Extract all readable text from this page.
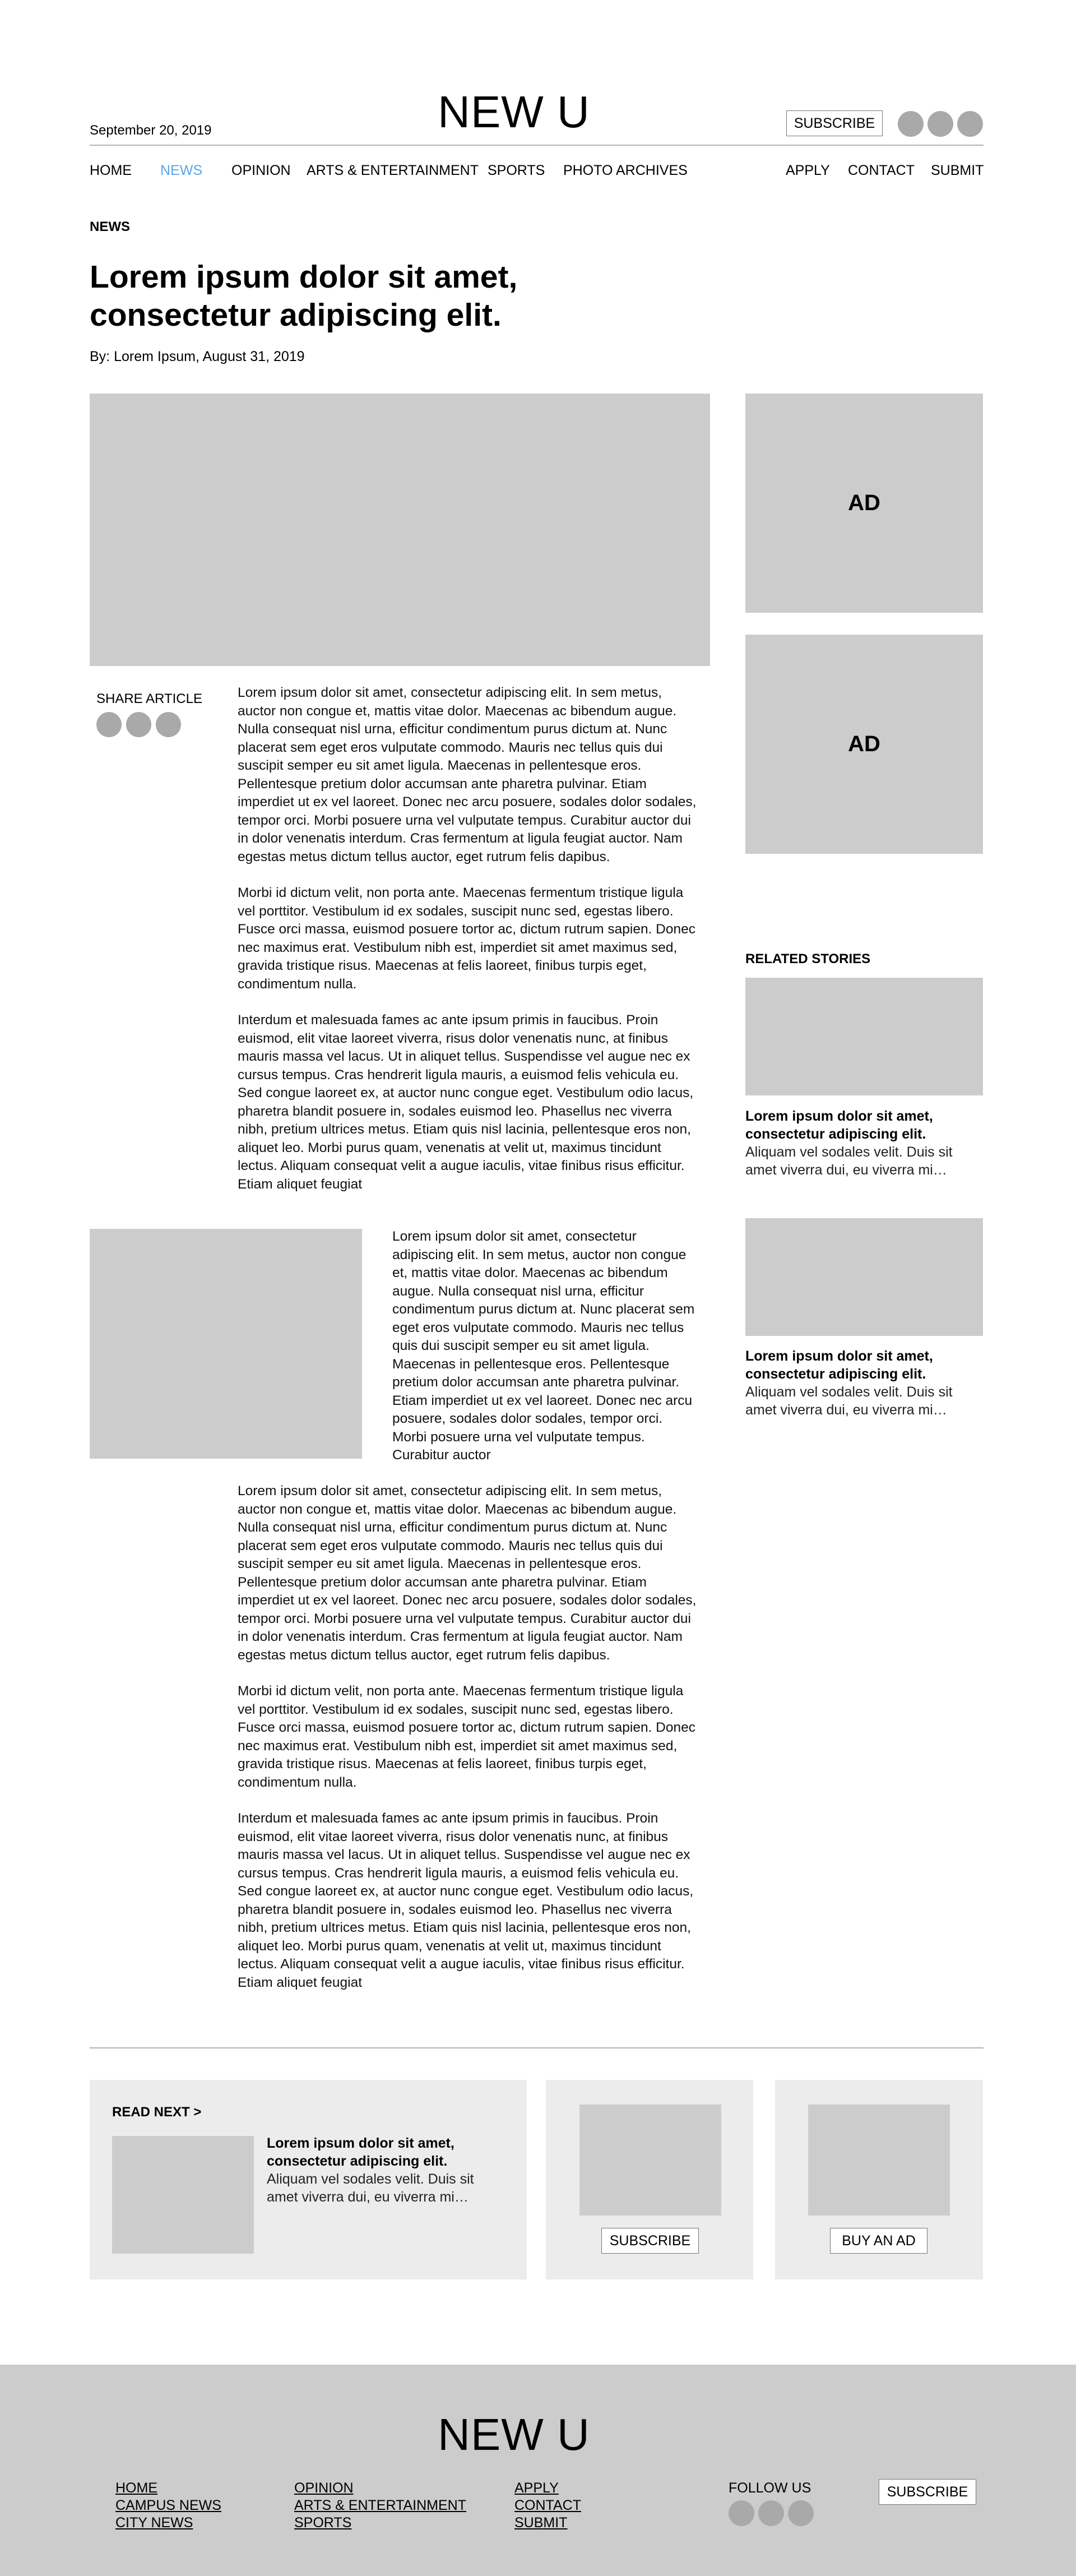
September 20, 2019	NEW U	SUBSCRIBE
HOME NEWS OPINION ARTS & ENTERTAINMENT SPORTS PHOTO ARCHIVES	APPLY CONTACT SUBMIT
NEWS
Lorem ipsum dolor sit amet,
consectetur adipiscing elit.
By: Lorem Ipsum, August 31, 2019
SHARE ARTICLE	Lorem ipsum dolor sit amet, consectetur adipiscing elit. In sem metus, auctor non congue et, mattis vitae dolor. Maecenas ac bibendum augue. Nulla consequat nisl urna, efficitur condimentum purus dictum at. Nunc placerat sem eget eros vulputate commodo. Mauris nec tellus quis dui suscipit semper eu sit amet ligula. Maecenas in pellentesque eros. Pellentesque pretium dolor accumsan ante pharetra pulvinar. Etiam imperdiet ut ex vel laoreet. Donec nec arcu posuere, sodales dolor sodales, tempor orci. Morbi posuere urna vel vulputate tempus. Curabitur auctor dui in dolor venenatis interdum. Cras fermentum at ligula feugiat auctor. Nam egestas metus dictum tellus auctor, eget rutrum felis dapibus.

Morbi id dictum velit, non porta ante. Maecenas fermentum tristique ligula vel porttitor. Vestibulum id ex sodales, suscipit nunc sed, egestas libero. Fusce orci massa, euismod posuere tortor ac, dictum rutrum sapien. Donec nec maximus erat. Vestibulum nibh est, imperdiet sit amet maximus sed, gravida tristique risus. Maecenas at felis laoreet, finibus turpis eget, condimentum nulla.

Interdum et malesuada fames ac ante ipsum primis in faucibus. Proin euismod, elit vitae laoreet viverra, risus dolor venenatis nunc, at finibus mauris massa vel lacus. Ut in aliquet tellus. Suspendisse vel augue nec ex cursus tempus. Cras hendrerit ligula mauris, a euismod felis vehicula eu. Sed congue laoreet ex, at auctor nunc congue eget. Vestibulum odio lacus, pharetra blandit posuere in, sodales euismod leo. Phasellus nec viverra nibh, pretium ultrices metus. Etiam quis nisl lacinia, pellentesque eros non, aliquet leo. Morbi purus quam, venenatis at velit ut, maximus tincidunt lectus. Aliquam consequat velit a augue iaculis, vitae finibus risus efficitur. Etiam aliquet feugiat

Lorem ipsum dolor sit amet, consectetur adipiscing elit. In sem metus, auctor non congue et, mattis vitae dolor. Maecenas ac bibendum augue. Nulla consequat nisl urna, efficitur condimentum purus dictum at. Nunc placerat sem eget eros vulputate commodo. Mauris nec tellus quis dui suscipit semper eu sit amet ligula. Maecenas in pellentesque eros. Pellentesque pretium dolor accumsan ante pharetra pulvinar. Etiam imperdiet ut ex vel laoreet. Donec nec arcu posuere, sodales dolor sodales, tempor orci. Morbi posuere urna vel vulputate tempus. Curabitur auctor

Lorem ipsum dolor sit amet, consectetur adipiscing elit. In sem metus, auctor non congue et, mattis vitae dolor. Maecenas ac bibendum augue. Nulla consequat nisl urna, efficitur condimentum purus dictum at. Nunc placerat sem eget eros vulputate commodo. Mauris nec tellus quis dui suscipit semper eu sit amet ligula. Maecenas in pellentesque eros. Pellentesque pretium dolor accumsan ante pharetra pulvinar. Etiam imperdiet ut ex vel laoreet. Donec nec arcu posuere, sodales dolor sodales, tempor orci. Morbi posuere urna vel vulputate tempus. Curabitur auctor dui in dolor venenatis interdum. Cras fermentum at ligula feugiat auctor. Nam egestas metus dictum tellus auctor, eget rutrum felis dapibus.

Morbi id dictum velit, non porta ante. Maecenas fermentum tristique ligula vel porttitor. Vestibulum id ex sodales, suscipit nunc sed, egestas libero. Fusce orci massa, euismod posuere tortor ac, dictum rutrum sapien. Donec nec maximus erat. Vestibulum nibh est, imperdiet sit amet maximus sed, gravida tristique risus. Maecenas at felis laoreet, finibus turpis eget, condimentum nulla.

Interdum et malesuada fames ac ante ipsum primis in faucibus. Proin euismod, elit vitae laoreet viverra, risus dolor venenatis nunc, at finibus mauris massa vel lacus. Ut in aliquet tellus. Suspendisse vel augue nec ex cursus tempus. Cras hendrerit ligula mauris, a euismod felis vehicula eu. Sed congue laoreet ex, at auctor nunc congue eget. Vestibulum odio lacus, pharetra blandit posuere in, sodales euismod leo. Phasellus nec viverra nibh, pretium ultrices metus. Etiam quis nisl lacinia, pellentesque eros non, aliquet leo. Morbi purus quam, venenatis at velit ut, maximus tincidunt lectus. Aliquam consequat velit a augue iaculis, vitae finibus risus efficitur. Etiam aliquet feugiat

AD
AD
RELATED STORIES
Lorem ipsum dolor sit amet,
consectetur adipiscing elit.
Aliquam vel sodales velit. Duis sit
amet viverra dui, eu viverra mi…
Lorem ipsum dolor sit amet,
consectetur adipiscing elit.
Aliquam vel sodales velit. Duis sit
amet viverra dui, eu viverra mi…
READ NEXT >
Lorem ipsum dolor sit amet,
consectetur adipiscing elit.
Aliquam vel sodales velit. Duis sit
amet viverra dui, eu viverra mi…
SUBSCRIBE	BUY AN AD
NEW U
HOME
CAMPUS NEWS
CITY NEWS
OPINION
ARTS & ENTERTAINMENT
SPORTS
APPLY
CONTACT
SUBMIT
FOLLOW US	SUBSCRIBE
